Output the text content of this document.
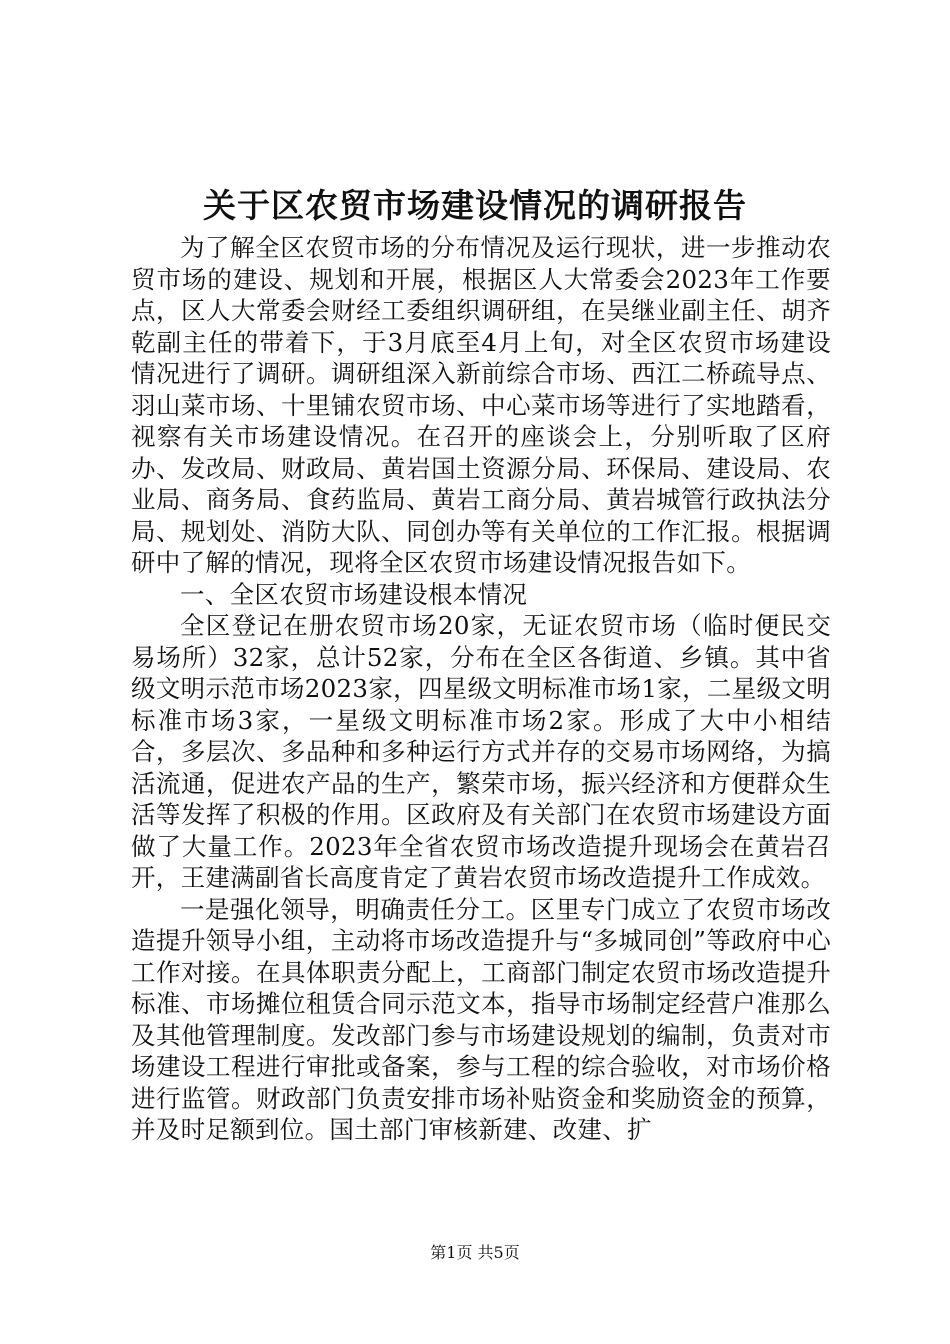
关于区农贸市场建设情况的调研报告

为了解全区农贸市场的分布情况及运行现状，进一步推动农贸市场的建设、规划和开展，根据区人大常委会2023年工作要点，区人大常委会财经工委组织调研组，在吴继业副主任、胡齐乾副主任的带着下，于3月底至4月上旬，对全区农贸市场建设情况进行了调研。调研组深入新前综合市场、西江二桥疏导点、羽山菜市场、十里铺农贸市场、中心菜市场等进行了实地踏看，视察有关市场建设情况。在召开的座谈会上，分别听取了区府办、发改局、财政局、黄岩国土资源分局、环保局、建设局、农业局、商务局、食药监局、黄岩工商分局、黄岩城管行政执法分局、规划处、消防大队、同创办等有关单位的工作汇报。根据调研中了解的情况，现将全区农贸市场建设情况报告如下。

一、全区农贸市场建设根本情况

全区登记在册农贸市场20家，无证农贸市场（临时便民交易场所）32家，总计52家，分布在全区各街道、乡镇。其中省级文明示范市场2023家，四星级文明标准市场1家，二星级文明标准市场3家，一星级文明标准市场2家。形成了大中小相结合，多层次、多品种和多种运行方式并存的交易市场网络，为搞活流通，促进农产品的生产，繁荣市场，振兴经济和方便群众生活等发挥了积极的作用。区政府及有关部门在农贸市场建设方面做了大量工作。2023年全省农贸市场改造提升现场会在黄岩召开，王建满副省长高度肯定了黄岩农贸市场改造提升工作成效。

一是强化领导，明确责任分工。区里专门成立了农贸市场改造提升领导小组，主动将市场改造提升与“多城同创”等政府中心工作对接。在具体职责分配上，工商部门制定农贸市场改造提升标准、市场摊位租赁合同示范文本，指导市场制定经营户准那么及其他管理制度。发改部门参与市场建设规划的编制，负责对市场建设工程进行审批或备案，参与工程的综合验收，对市场价格进行监管。财政部门负责安排市场补贴资金和奖励资金的预算，并及时足额到位。国土部门审核新建、改建、扩

第1页 共5页
